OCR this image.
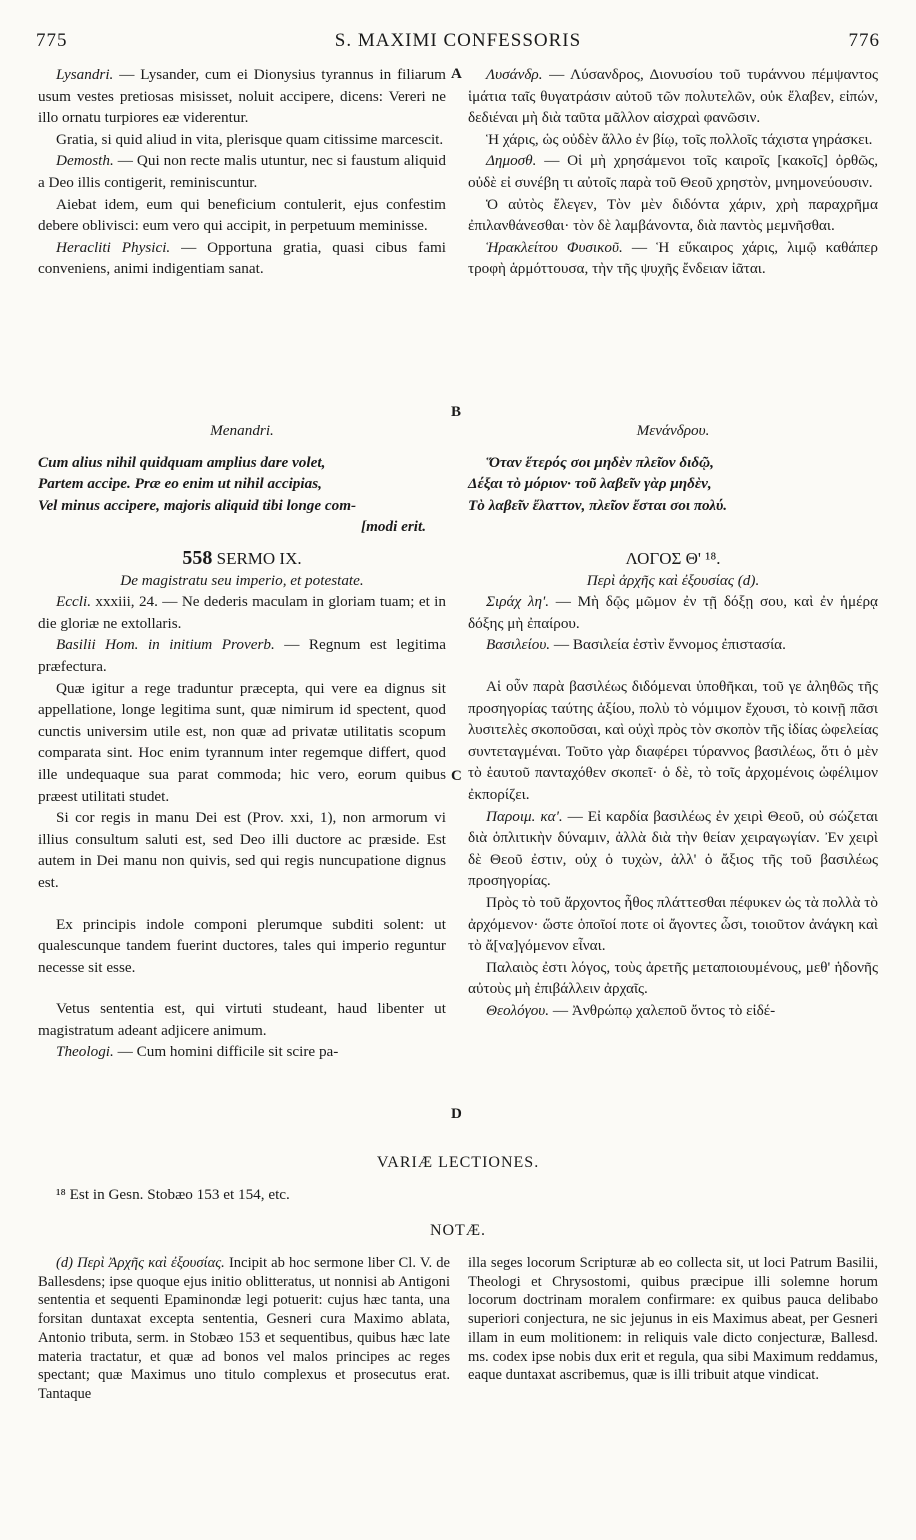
775	S. MAXIMI CONFESSORIS	776
A
B
C
D

Lysandri. — Lysander, cum ei Dionysius tyrannus in filiarum usum vestes pretiosas misisset, noluit accipere, dicens: Vereri ne illo ornatu turpiores eæ viderentur.

Gratia, si quid aliud in vita, plerisque quam citissime marcescit.

Demosth. — Qui non recte malis utuntur, nec si faustum aliquid a Deo illis contigerit, reminiscuntur.

Aiebat idem, eum qui beneficium contulerit, ejus confestim debere oblivisci: eum vero qui accipit, in perpetuum meminisse.

Heracliti Physici. — Opportuna gratia, quasi cibus fami conveniens, animi indigentiam sanat.

Menandri.

Cum alius nihil quidquam amplius dare volet,

Partem accipe. Præ eo enim ut nihil accipias,

Vel minus accipere, majoris aliquid tibi longe com-

[modi erit.

558 SERMO IX.

De magistratu seu imperio, et potestate.

Eccli. xxxiii, 24. — Ne dederis maculam in gloriam tuam; et in die gloriæ ne extollaris.

Basilii Hom. in initium Proverb. — Regnum est legitima præfectura.

Quæ igitur a rege traduntur præcepta, qui vere ea dignus sit appellatione, longe legitima sunt, quæ nimirum id spectent, quod cunctis universim utile est, non quæ ad privatæ utilitatis scopum comparata sint. Hoc enim tyrannum inter regemque differt, quod ille undequaque sua parat commoda; hic vero, eorum quibus præest utilitati studet.

Si cor regis in manu Dei est (Prov. xxi, 1), non armorum vi illius consultum saluti est, sed Deo illi ductore ac præside. Est autem in Dei manu non quivis, sed qui regis nuncupatione dignus est.

Ex principis indole componi plerumque subditi solent: ut qualescunque tandem fuerint ductores, tales qui imperio reguntur necesse sit esse.

Vetus sententia est, qui virtuti studeant, haud libenter ut magistratum adeant adjicere animum.

Theologi. — Cum homini difficile sit scire pa-

Λυσάνδρ. — Λύσανδρος, Διονυσίου τοῦ τυράννου πέμψαντος ἱμάτια ταῖς θυγατράσιν αὐτοῦ τῶν πολυτελῶν, οὐκ ἔλαβεν, εἰπών, δεδιέναι μὴ διὰ ταῦτα μᾶλλον αἰσχραὶ φανῶσιν.

Ἡ χάρις, ὡς οὐδὲν ἄλλο ἐν βίῳ, τοῖς πολλοῖς τάχιστα γηράσκει.

Δημοσθ. — Οἱ μὴ χρησάμενοι τοῖς καιροῖς [κακοῖς] ὀρθῶς, οὐδὲ εἰ συνέβη τι αὐτοῖς παρὰ τοῦ Θεοῦ χρηστὸν, μνημονεύουσιν.

Ὁ αὐτὸς ἔλεγεν, Τὸν μὲν διδόντα χάριν, χρὴ παραχρῆμα ἐπιλανθάνεσθαι· τὸν δὲ λαμβάνοντα, διὰ παντὸς μεμνῆσθαι.

Ἡρακλείτου Φυσικοῦ. — Ἡ εὔκαιρος χάρις, λιμῷ καθάπερ τροφὴ ἁρμόττουσα, τὴν τῆς ψυχῆς ἔνδειαν ἰᾶται.

Μενάνδρου.

Ὅταν ἕτερός σοι μηδὲν πλεῖον διδῷ,

Δέξαι τὸ μόριον· τοῦ λαβεῖν γὰρ μηδὲν,

Τὸ λαβεῖν ἔλαττον, πλεῖον ἔσται σοι πολύ.

ΛΟΓΟΣ Θ' ¹⁸.

Περὶ ἀρχῆς καὶ ἐξουσίας (d).

Σιράχ λη'. — Μὴ δῷς μῶμον ἐν τῇ δόξῃ σου, καὶ ἐν ἡμέρᾳ δόξης μὴ ἐπαίρου.

Βασιλείου. — Βασιλεία ἐστὶν ἔννομος ἐπιστασία.

Αἱ οὖν παρὰ βασιλέως διδόμεναι ὑποθῆκαι, τοῦ γε ἀληθῶς τῆς προσηγορίας ταύτης ἀξίου, πολὺ τὸ νόμιμον ἔχουσι, τὸ κοινῇ πᾶσι λυσιτελὲς σκοποῦσαι, καὶ οὐχὶ πρὸς τὸν σκοπὸν τῆς ἰδίας ὠφελείας συντεταγμέναι. Τοῦτο γὰρ διαφέρει τύραννος βασιλέως, ὅτι ὁ μὲν τὸ ἑαυτοῦ πανταχόθεν σκοπεῖ· ὁ δὲ, τὸ τοῖς ἀρχομένοις ὠφέλιμον ἐκπορίζει.

Παροιμ. κα'. — Εἰ καρδία βασιλέως ἐν χειρὶ Θεοῦ, οὐ σώζεται διὰ ὁπλιτικὴν δύναμιν, ἀλλὰ διὰ τὴν θείαν χειραγωγίαν. Ἐν χειρὶ δὲ Θεοῦ ἐστιν, οὐχ ὁ τυχὼν, ἀλλ' ὁ ἄξιος τῆς τοῦ βασιλέως προσηγορίας.

Πρὸς τὸ τοῦ ἄρχοντος ἦθος πλάττεσθαι πέφυκεν ὡς τὰ πολλὰ τὸ ἀρχόμενον· ὥστε ὁποῖοί ποτε οἱ ἄγοντες ὦσι, τοιοῦτον ἀνάγκη καὶ τὸ ἄ[να]γόμενον εἶναι.

Παλαιὸς ἐστι λόγος, τοὺς ἀρετῆς μεταποιουμένους, μεθ' ἡδονῆς αὐτοὺς μὴ ἐπιβάλλειν ἀρχαῖς.

Θεολόγου. — Ἀνθρώπῳ χαλεποῦ ὄντος τὸ εἰδέ-

VARIÆ LECTIONES.
¹⁸ Est in Gesn. Stobæo 153 et 154, etc.
NOTÆ.

(d) Περὶ Ἀρχῆς καὶ ἐξουσίας. Incipit ab hoc sermone liber Cl. V. de Ballesdens; ipse quoque ejus initio oblitteratus, ut nonnisi ab Antigoni sententia et sequenti Epaminondæ legi potuerit: cujus hæc tanta, una forsitan duntaxat excepta sententia, Gesneri cura Maximo ablata, Antonio tributa, serm. in Stobæo 153 et sequentibus, quibus hæc late materia tractatur, et quæ ad bonos vel malos principes ac reges spectant; quæ Maximus uno titulo complexus et prosecutus erat. Tantaque

illa seges locorum Scripturæ ab eo collecta sit, ut loci Patrum Basilii, Theologi et Chrysostomi, quibus præcipue illi solemne horum locorum doctrinam moralem confirmare: ex quibus pauca delibabo superiori conjectura, ne sic jejunus in eis Maximus abeat, per Gesneri illam in eum molitionem: in reliquis vale dicto conjecturæ, Ballesd. ms. codex ipse nobis dux erit et regula, qua sibi Maximum reddamus, eaque duntaxat ascribemus, quæ is illi tribuit atque vindicat.
